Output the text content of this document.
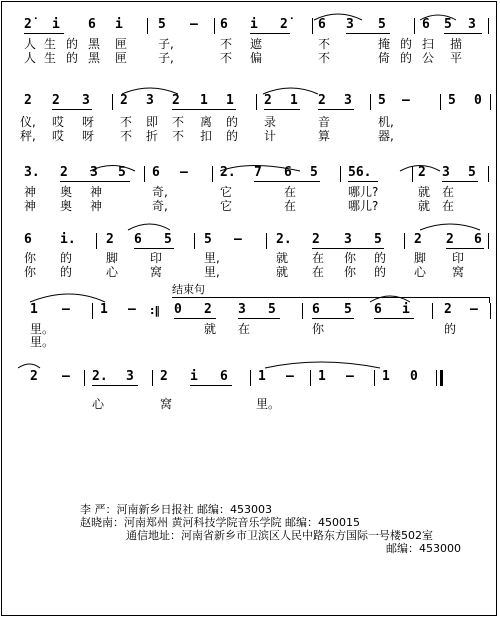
2̇ i 6 i	5 – 6 i 2̇ 6 3 5	6 5 3
人 生 的 黑 匣	子,	不 遮	不	掩 的 扫 描
人 生 的 黑 匣	子,	不 偏	不	倚 的 公 平
2 2 3 2 3 2 1 1 2 1 2 3 5 –	5 0
仪, 哎 呀 不 即 不 离 的 录	音	机,
秤, 哎 呀 不 折 不 扣 的 计	算	器,
3. 2 3 5 6 – 2. 7 6 5 56.	2 3 5
神 奥 神	奇,	它	在	哪儿?	就 在
神 奥 神	奇,	它	在	哪儿?	就 在
6 i. 2 6 5 5 –	2. 2 3 5 2 2 6
你 的	脚	印	里,	就 在 你 的 脚 印
你 的	心	窝	里,	就 在 你 的 心 窝
结束句
1 – 1 – :‖ 0 2 3 5	6 5 6 i	2 –
里。	就 在	你	的
里。
2 – 2. 3 2 i 6 1 – 1 – 1 0
心	窝	里。
李 严：河南新乡日报社 邮编：453003
赵晓南：河南郑州 黄河科技学院音乐学院 邮编：450015
通信地址：河南省新乡市卫滨区人民中路东方国际一号楼502室
邮编：453000
